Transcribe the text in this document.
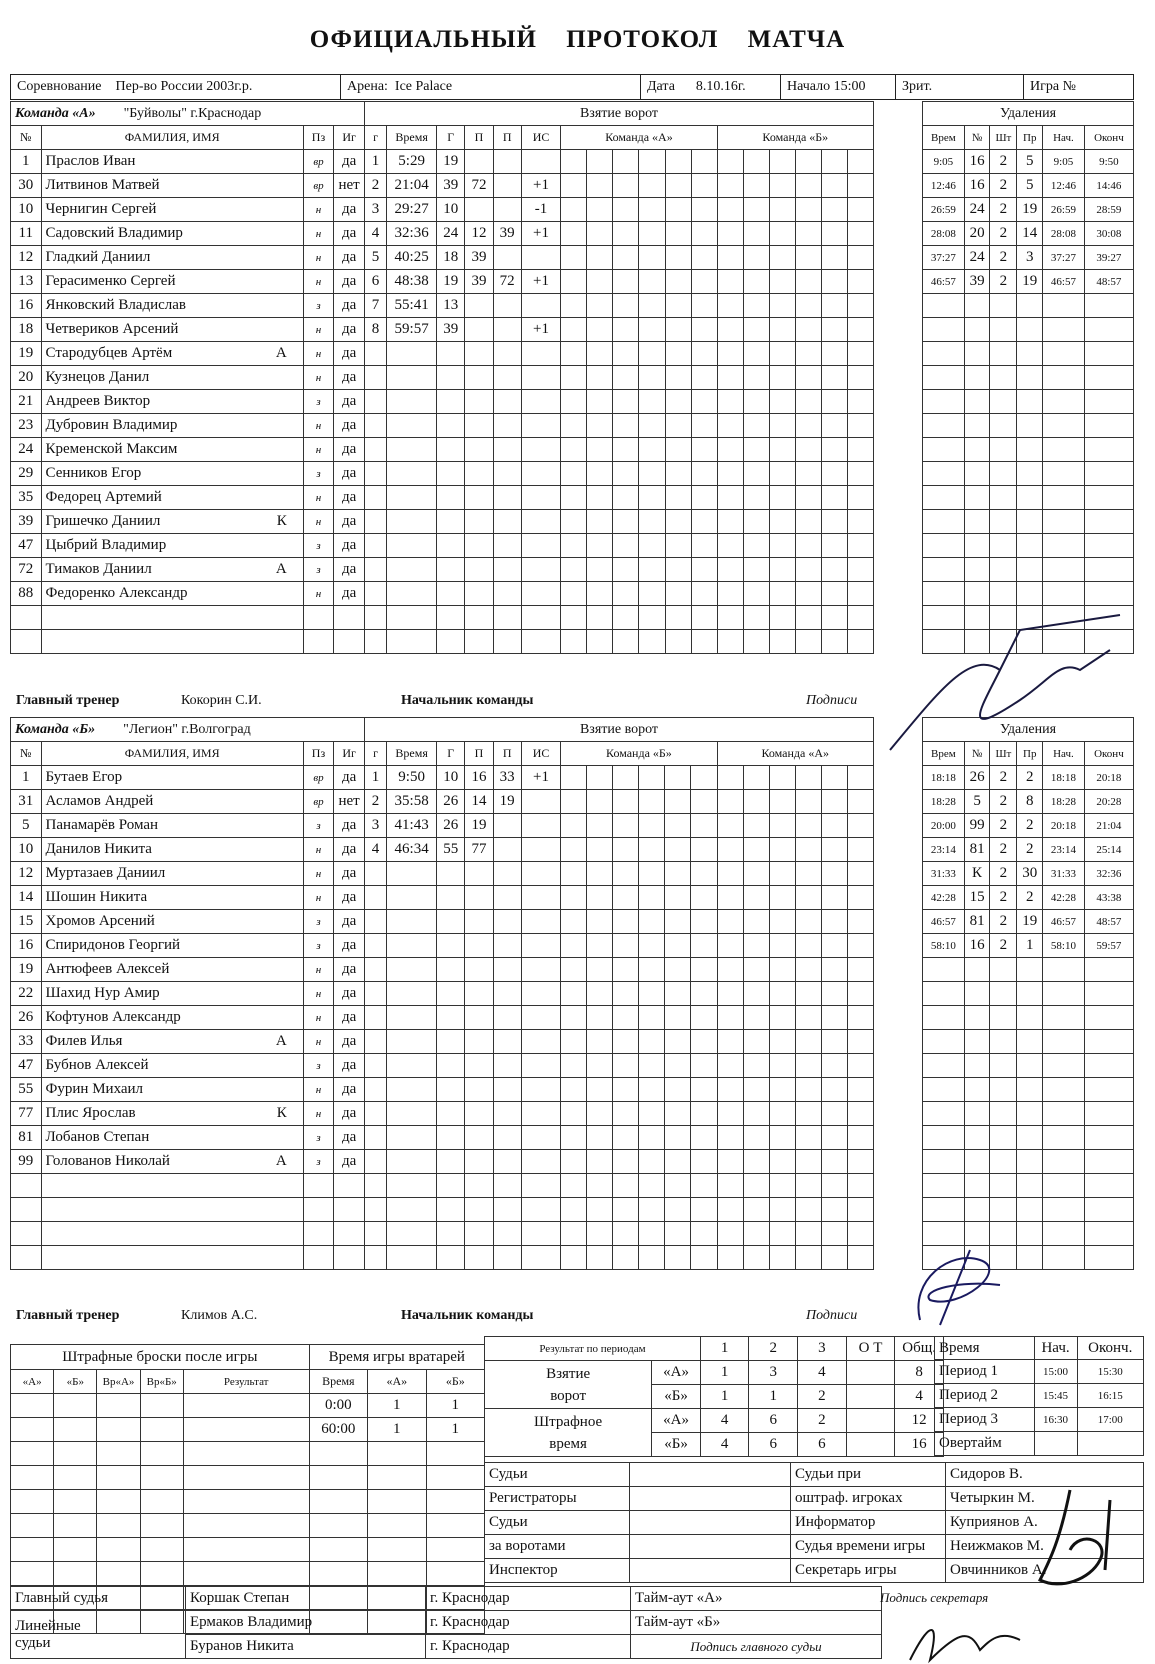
ОФИЦИАЛЬНЫЙ ПРОТОКОЛ МАТЧА
Соревнование Пер-во России 2003г.р.	Арена: Ice Palace	Дата 8.10.16г.	Начало 15:00	Зрит.	Игра №
Команда «А» "Буйволы" г.Краснодар			
№	ФАМИЛИЯ, ИМЯ	Пз	Иг
1	Праслов Иван	вр	да
30	Литвинов Матвей	вр	нет
10	Чернигин Сергей	н	да
11	Садовский Владимир	н	да
12	Гладкий Даниил	н	да
13	Герасименко Сергей	н	да
16	Янковский Владислав	з	да
18	Четвериков Арсений	н	да
19	Стародубцев Артём А	н	да
20	Кузнецов Данил	н	да
21	Андреев Виктор	з	да
23	Дубровин Владимир	н	да
24	Кременской Максим	н	да
29	Сенников Егор	з	да
35	Федорец Артемий	н	да
39	Гришечко Даниил К	н	да
47	Цыбрий Владимир	з	да
72	Тимаков Даниил А	з	да
88	Федоренко Александр	н	да

Взятие ворот																	
г	Время	Г	П	П	ИС	Команда «А»						Команда «Б»					
1	5:29	19															
2	21:04	39	72		+1												
3	29:27	10			-1												
4	32:36	24	12	39	+1												
5	40:25	18	39														
6	48:38	19	39	72	+1												
7	55:41	13															
8	59:57	39			+1												

Удаления					
Врем	№	Шт	Пр	Нач.	Оконч
9:05	16	2	5	9:05	9:50
12:46	16	2	5	12:46	14:46
26:59	24	2	19	26:59	28:59
28:08	20	2	14	28:08	30:08
37:27	24	2	3	37:27	39:27
46:57	39	2	19	46:57	48:57

Главный тренер	Кокорин С.И.	Начальник команды	Подписи
Команда «Б» "Легион" г.Волгоград			
№	ФАМИЛИЯ, ИМЯ	Пз	Иг
1	Бутаев Егор	вр	да
31	Асламов Андрей	вр	нет
5	Панамарёв Роман	з	да
10	Данилов Никита	н	да
12	Муртазаев Даниил	н	да
14	Шошин Никита	н	да
15	Хромов Арсений	з	да
16	Спиридонов Георгий	з	да
19	Антюфеев Алексей	н	да
22	Шахид Нур Амир	н	да
26	Кофтунов Александр	н	да
33	Филев Илья А	н	да
47	Бубнов Алексей	з	да
55	Фурин Михаил	н	да
77	Плис Ярослав К	н	да
81	Лобанов Степан	з	да
99	Голованов Николай А	з	да

Взятие ворот																	
г	Время	Г	П	П	ИС	Команда «Б»						Команда «А»					
1	9:50	10	16	33	+1												
2	35:58	26	14	19													
3	41:43	26	19														
4	46:34	55	77														

Удаления					
Врем	№	Шт	Пр	Нач.	Оконч
18:18	26	2	2	18:18	20:18
18:28	5	2	8	18:28	20:28
20:00	99	2	2	20:18	21:04
23:14	81	2	2	23:14	25:14
31:33	К	2	30	31:33	32:36
42:28	15	2	2	42:28	43:38
46:57	81	2	19	46:57	48:57
58:10	16	2	1	58:10	59:57

Главный тренер	Климов А.С.	Начальник команды	Подписи
Штрафные броски после игры					Время игры вратарей		
«А»	«Б»	Вр«А»	Вр«Б»	Результат	Время	«А»	«Б»
					0:00	1	1
					60:00	1	1

Результат по периодам		1	2	3	О Т	Общ.

Взятие
ворот	«А»	1	3	4		8
	«Б»	1	1	2		4

Штрафное
время	«А»	4	6	2		12
	«Б»	4	6	6		16
Время	Нач.	Оконч.
Период 1	15:00	15:30
Период 2	15:45	16:15
Период 3	16:30	17:00
Овертайм		
Судьи		Судьи при	Сидоров В.
Регистраторы		оштраф. игроках	Четыркин М.
Судьи		Информатор	Куприянов А.
за воротами		Судья времени игры	Неижмаков М.
Инспектор		Секретарь игры	Овчинников А.
Главный судья	Коршак Степан	г. Краснодар	Тайм-аут «А»

Линейные
судьи	Ермаков Владимир	г. Краснодар	Тайм-аут «Б»
	Буранов Никита	г. Краснодар	Подпись главного судьи
Подпись секретаря
